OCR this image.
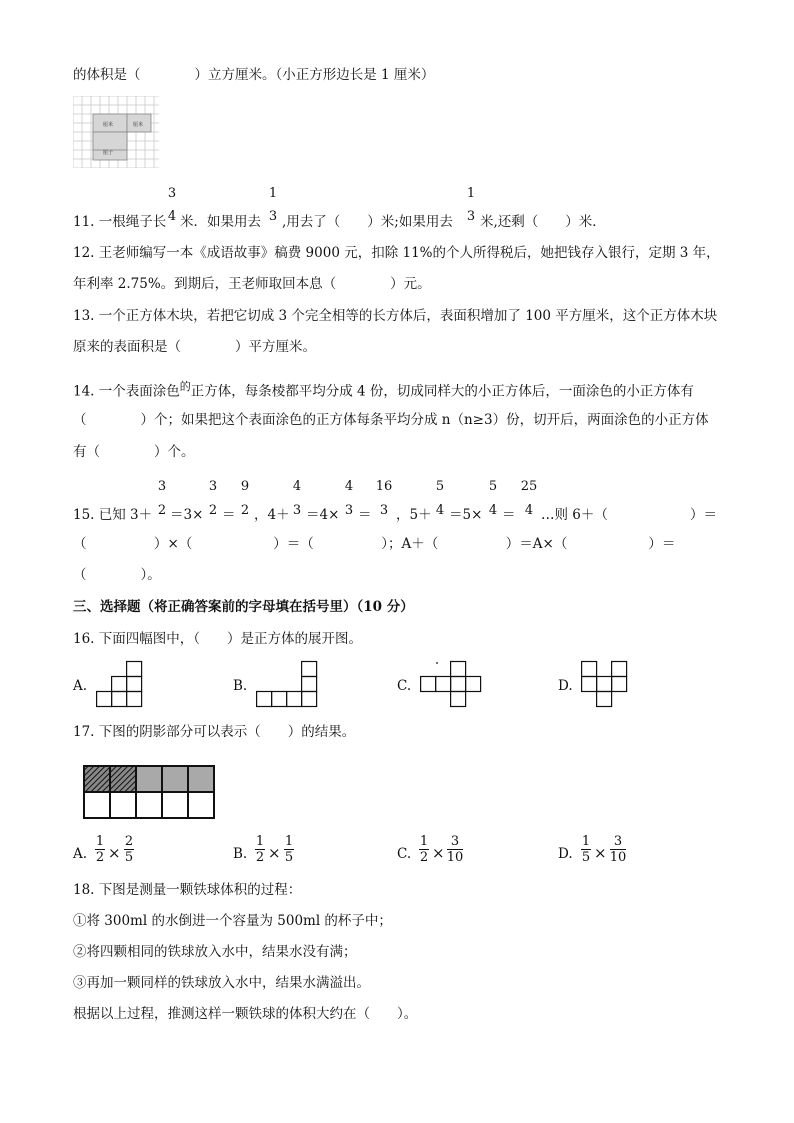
的体积是（　　　　）立方厘米。（小正方形边长是 1 厘米）
厘米	厘米
厘子
11. 一根绳子长
3
4 米．如果用去
1
3 ,用去了（　　）米;如果用去
1
3 米,还剩（　　）米．
12. 王老师编写一本《成语故事》稿费 9000 元，扣除 11%的个人所得税后，她把钱存入银行，定期 3 年，
年利率 2.75%。到期后，王老师取回本息（　　　　）元。
13. 一个正方体木块，若把它切成 3 个完全相等的长方体后，表面积增加了 100 平方厘米，这个正方体木块
原来的表面积是（　　　　）平方厘米。
14. 一个表面涂色$^的$正方体，每条棱都平均分成 4 份，切成同样大的小正方体后，一面涂色的小正方体有
（　　　　）个；如果把这个表面涂色的正方体每条平均分成 n（n≥3）份，切开后，两面涂色的小正方体
有（　　　　）个。
15. 已知 3＋
3
2 ＝3×
3
2 ＝
9
2 ，4＋
4
3 ＝4×
4
3 ＝
16
3 ，5＋
5
4 ＝5×
5
4 ＝
25
4 …则 6＋（	）＝
（　　　　　）×（　　　　　　）＝（　　　　　）；A＋（　　　　　）＝A×（　　　　　　）＝
（　　　　）。
三、选择题（将正确答案前的字母填在括号里）（10 分）
16. 下面四幅图中，（　　）是正方体的展开图。
A.	B.	C.	D.
17. 下图的阴影部分可以表示（　　）的结果。
A.
1
2 ×
2
5	B.
1
2 ×
1
5	C.
1
2 ×
3
10	D.
1
5 ×
3
10
18. 下图是测量一颗铁球体积的过程：
①将 300ml 的水倒进一个容量为 500ml 的杯子中；
②将四颗相同的铁球放入水中，结果水没有满；
③再加一颗同样的铁球放入水中，结果水满溢出。
根据以上过程，推测这样一颗铁球的体积大约在（　　）。
